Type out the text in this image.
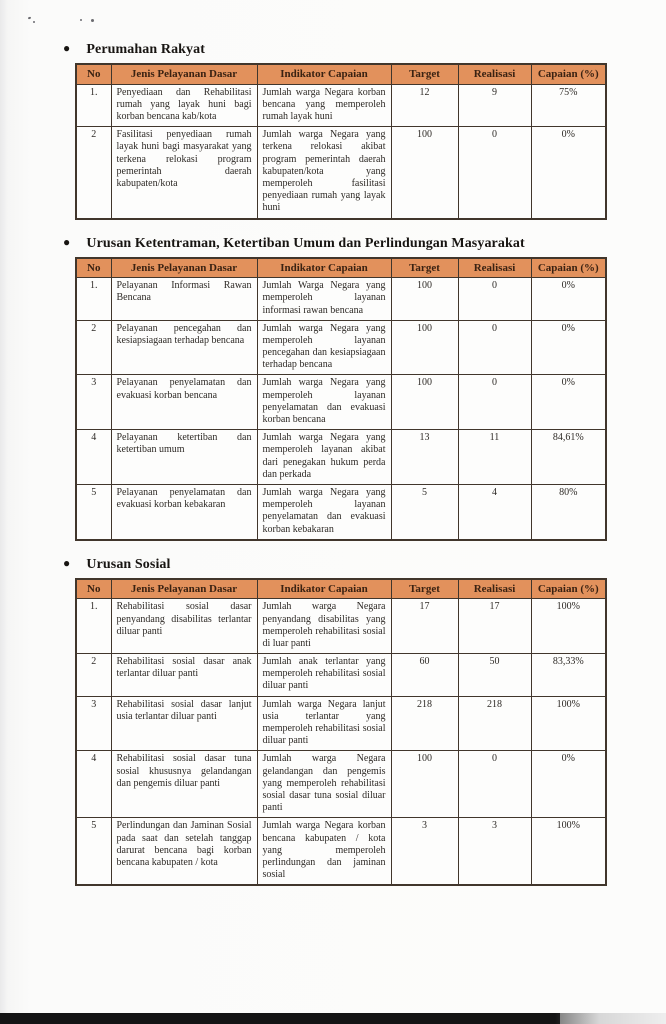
● Perumahan Rakyat
No	Jenis Pelayanan Dasar	Indikator Capaian	Target	Realisasi	Capaian (%)
1.	Penyediaan dan Rehabilitasi rumah yang layak huni bagi korban bencana kab/kota	Jumlah warga Negara korban bencana yang memperoleh rumah layak huni	12	9	75%
2	Fasilitasi penyediaan rumah layak huni bagi masyarakat yang terkena relokasi program pemerintah daerah kabupaten/kota	Jumlah warga Negara yang terkena relokasi akibat program pemerintah daerah kabupaten/kota yang memperoleh fasilitasi penyediaan rumah yang layak huni	100	0	0%
● Urusan Ketentraman, Ketertiban Umum dan Perlindungan Masyarakat
No	Jenis Pelayanan Dasar	Indikator Capaian	Target	Realisasi	Capaian (%)
1.	Pelayanan Informasi Rawan Bencana	Jumlah Warga Negara yang memperoleh layanan informasi rawan bencana	100	0	0%
2	Pelayanan pencegahan dan kesiapsiagaan terhadap bencana	Jumlah warga Negara yang memperoleh layanan pencegahan dan kesiapsiagaan terhadap bencana	100	0	0%
3	Pelayanan penyelamatan dan evakuasi korban bencana	Jumlah warga Negara yang memperoleh layanan penyelamatan dan evakuasi korban bencana	100	0	0%
4	Pelayanan ketertiban dan ketertiban umum	Jumlah warga Negara yang memperoleh layanan akibat dari penegakan hukum perda dan perkada	13	11	84,61%
5	Pelayanan penyelamatan dan evakuasi korban kebakaran	Jumlah warga Negara yang memperoleh layanan penyelamatan dan evakuasi korban kebakaran	5	4	80%
● Urusan Sosial
No	Jenis Pelayanan Dasar	Indikator Capaian	Target	Realisasi	Capaian (%)
1.	Rehabilitasi sosial dasar penyandang disabilitas terlantar diluar panti	Jumlah warga Negara penyandang disabilitas yang memperoleh rehabilitasi sosial di luar panti	17	17	100%
2	Rehabilitasi sosial dasar anak terlantar diluar panti	Jumlah anak terlantar yang memperoleh rehabilitasi sosial diluar panti	60	50	83,33%
3	Rehabilitasi sosial dasar lanjut usia terlantar diluar panti	Jumlah warga Negara lanjut usia terlantar yang memperoleh rehabilitasi sosial diluar panti	218	218	100%
4	Rehabilitasi sosial dasar tuna sosial khususnya gelandangan dan pengemis diluar panti	Jumlah warga Negara gelandangan dan pengemis yang memperoleh rehabilitasi sosial dasar tuna sosial diluar panti	100	0	0%
5	Perlindungan dan Jaminan Sosial pada saat dan setelah tanggap darurat bencana bagi korban bencana kabupaten / kota	Jumlah warga Negara korban bencana kabupaten / kota yang memperoleh perlindungan dan jaminan sosial	3	3	100%
